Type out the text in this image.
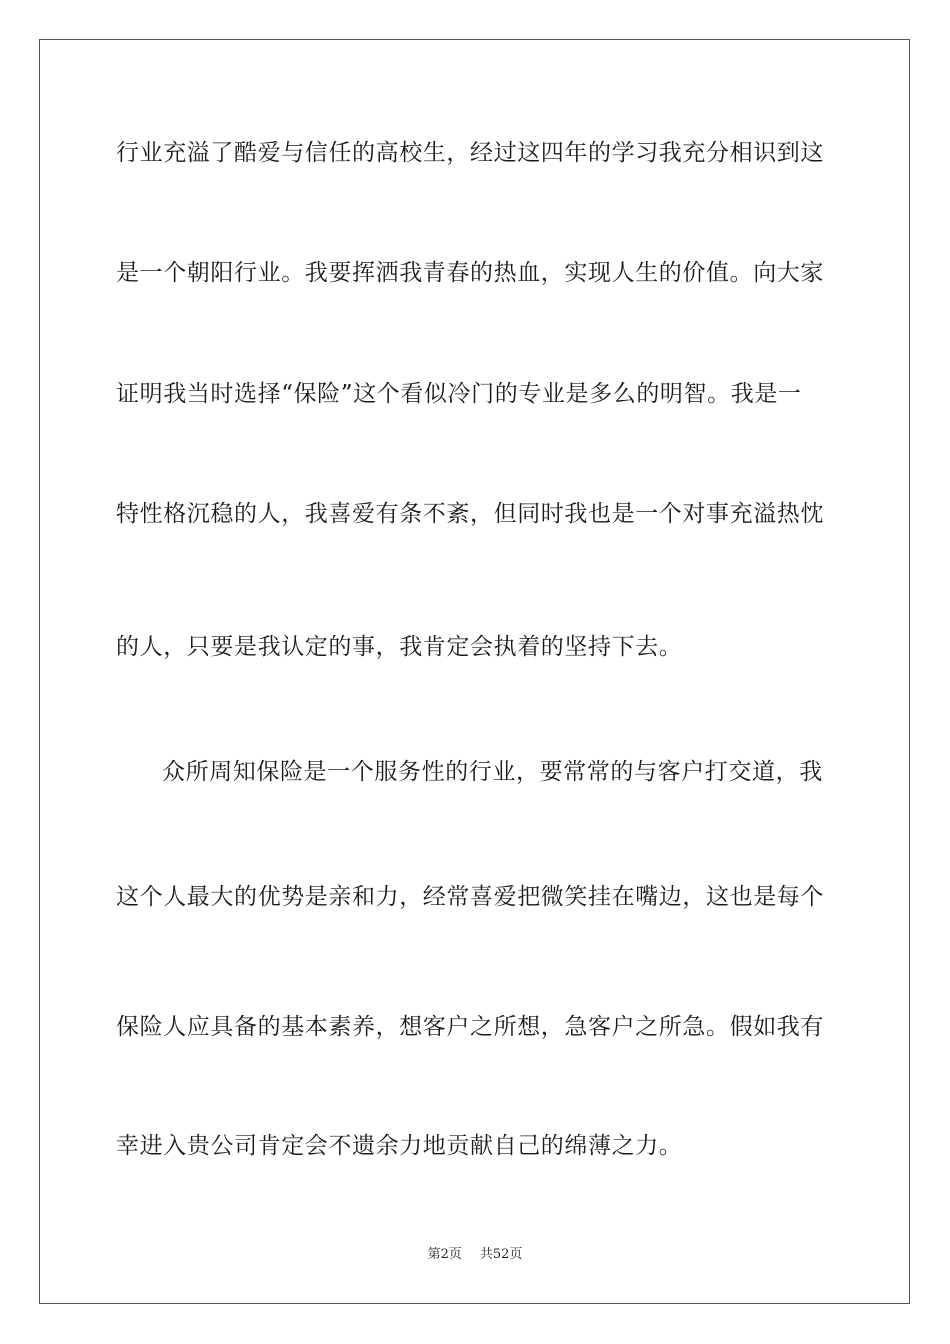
行业充溢了酷爱与信任的高校生，经过这四年的学习我充分相识到这
是一个朝阳行业。我要挥洒我青春的热血，实现人生的价值。向大家
证明我当时选择“保险”这个看似冷门的专业是多么的明智。我是一
特性格沉稳的人，我喜爱有条不紊，但同时我也是一个对事充溢热忱
的人，只要是我认定的事，我肯定会执着的坚持下去。
众所周知保险是一个服务性的行业，要常常的与客户打交道，我
这个人最大的优势是亲和力，经常喜爱把微笑挂在嘴边，这也是每个
保险人应具备的基本素养，想客户之所想，急客户之所急。假如我有
幸进入贵公司肯定会不遗余力地贡献自己的绵薄之力。
第2页 共52页
